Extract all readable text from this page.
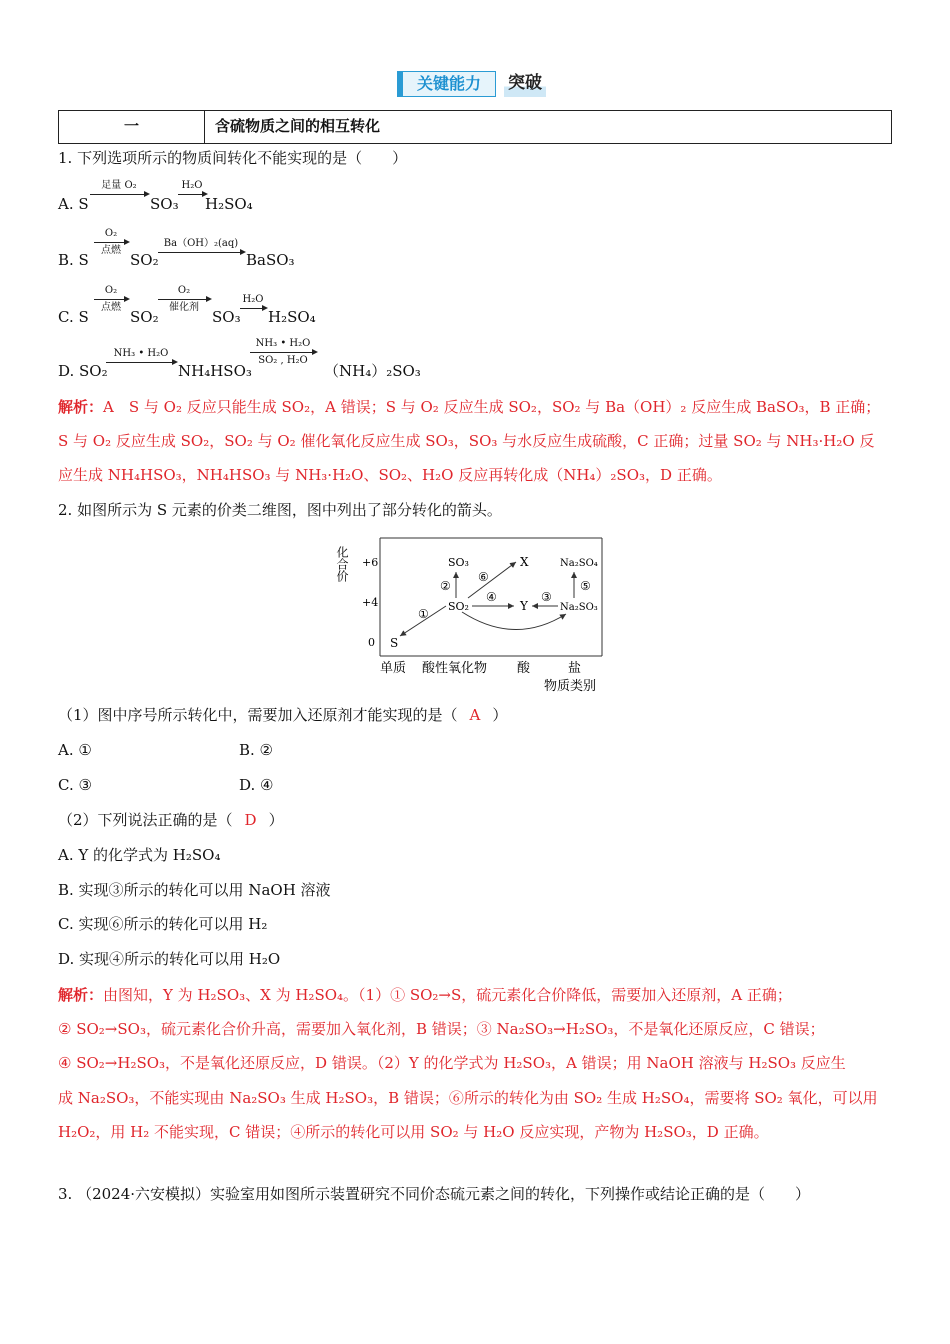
关键能力	突破
一	含硫物质之间的相互转化
1. 下列选项所示的物质间转化不能实现的是（　　）
A. S
足量 O₂
SO₃
H₂O
H₂SO₄
B. S
O₂
点燃
SO₂
Ba（OH）₂(aq)
BaSO₃
C. S
O₂
点燃
SO₂
O₂
催化剂
SO₃
H₂O
H₂SO₄
D. SO₂
NH₃ • H₂O
NH₄HSO₃
NH₃ • H₂O
SO₂ , H₂O
（NH₄）₂SO₃
解析：A　S 与 O₂ 反应只能生成 SO₂，A 错误；S 与 O₂ 反应生成 SO₂，SO₂ 与 Ba（OH）₂ 反应生成 BaSO₃，B 正确；
S 与 O₂ 反应生成 SO₂，SO₂ 与 O₂ 催化氧化反应生成 SO₃，SO₃ 与水反应生成硫酸，C 正确；过量 SO₂ 与 NH₃·H₂O 反
应生成 NH₄HSO₃，NH₄HSO₃ 与 NH₃·H₂O、SO₂、H₂O 反应再转化成（NH₄）₂SO₃，D 正确。
2. 如图所示为 S 元素的价类二维图，图中列出了部分转化的箭头。
化合价 +6
+4
0
单质 酸性氧化物 酸	盐
物质类别
S
SO₂
SO₃	X
Y
Na₂SO₄
Na₂SO₃
①
②
③
④
⑤
⑥
（1）图中序号所示转化中，需要加入还原剂才能实现的是（ A ）
A. ①	B. ②
C. ③	D. ④
（2）下列说法正确的是（ D ）
A. Y 的化学式为 H₂SO₄
B. 实现③所示的转化可以用 NaOH 溶液
C. 实现⑥所示的转化可以用 H₂
D. 实现④所示的转化可以用 H₂O
解析：由图知，Y 为 H₂SO₃、X 为 H₂SO₄。（1）① SO₂→S，硫元素化合价降低，需要加入还原剂，A 正确；
② SO₂→SO₃，硫元素化合价升高，需要加入氧化剂，B 错误；③ Na₂SO₃→H₂SO₃，不是氧化还原反应，C 错误；
④ SO₂→H₂SO₃，不是氧化还原反应，D 错误。（2）Y 的化学式为 H₂SO₃，A 错误；用 NaOH 溶液与 H₂SO₃ 反应生
成 Na₂SO₃，不能实现由 Na₂SO₃ 生成 H₂SO₃，B 错误；⑥所示的转化为由 SO₂ 生成 H₂SO₄，需要将 SO₂ 氧化，可以用
H₂O₂，用 H₂ 不能实现，C 错误；④所示的转化可以用 SO₂ 与 H₂O 反应实现，产物为 H₂SO₃，D 正确。
3. （2024·六安模拟）实验室用如图所示装置研究不同价态硫元素之间的转化，下列操作或结论正确的是（　　）
